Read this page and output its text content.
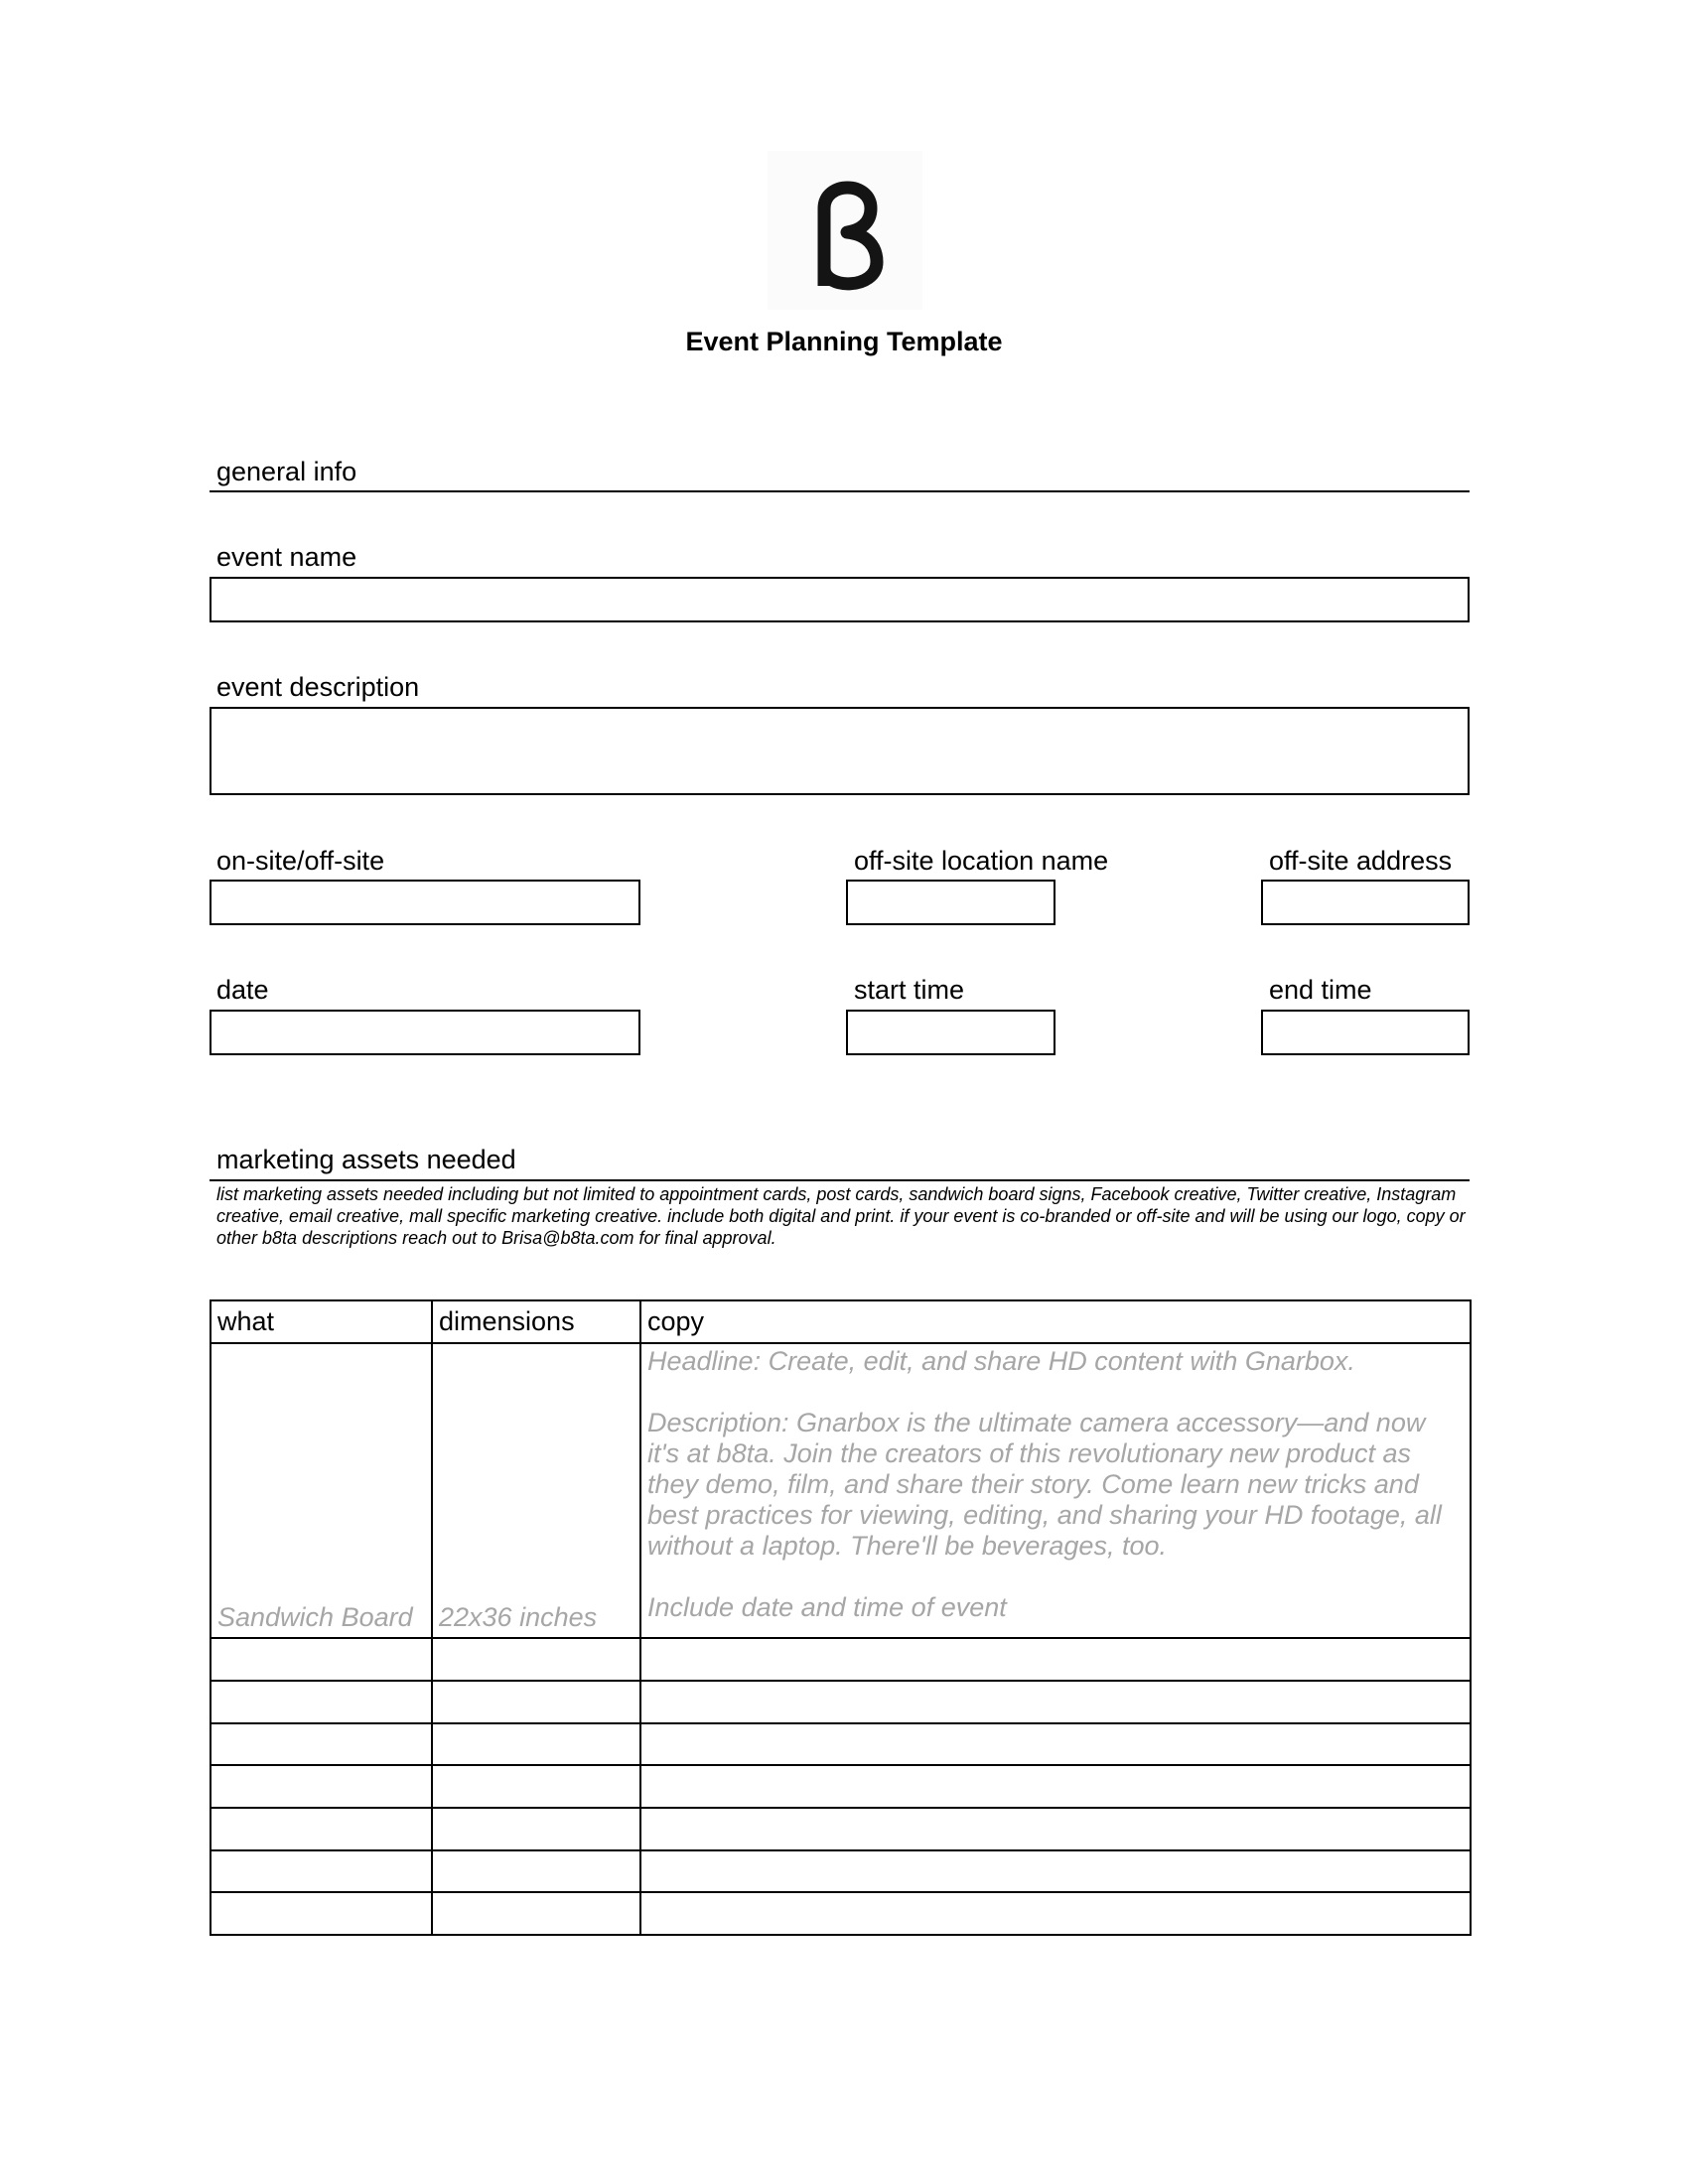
Event Planning Template
general info
event name
event description
on-site/off-site	off-site location name	off-site address
date	start time	end time
marketing assets needed
list marketing assets needed including but not limited to appointment cards, post cards, sandwich board signs, Facebook creative, Twitter creative, Instagram creative, email creative, mall specific marketing creative. include both digital and print. if your event is co-branded or off-site and will be using our logo, copy or other b8ta descriptions reach out to Brisa@b8ta.com for final approval.
what	dimensions	copy
Sandwich Board	22x36 inches	Headline: Create, edit, and share HD content with Gnarbox.

Description: Gnarbox is the ultimate camera accessory—and now it's at b8ta. Join the creators of this revolutionary new product as they demo, film, and share their story. Come learn new tricks and best practices for viewing, editing, and sharing your HD footage, all without a laptop. There'll be beverages, too.

Include date and time of event
